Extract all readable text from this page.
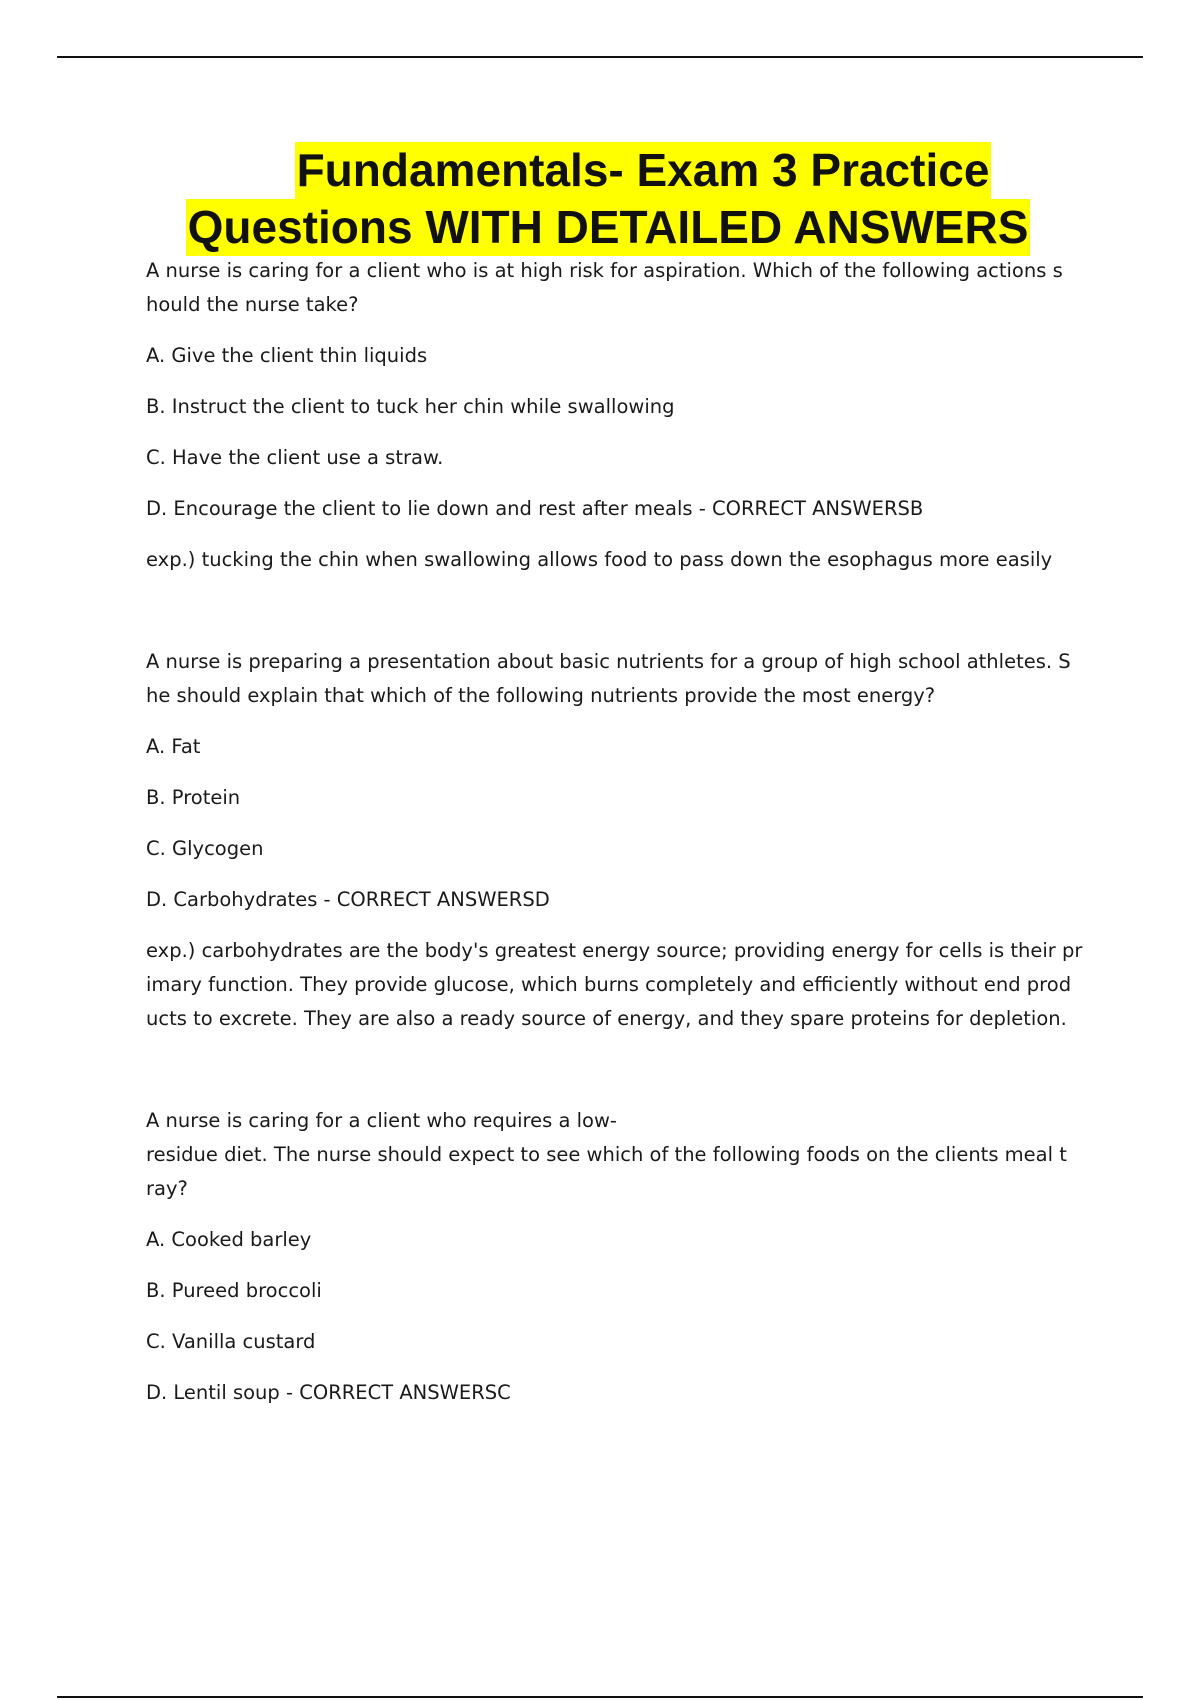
Fundamentals- Exam 3 Practice
Questions WITH DETAILED ANSWERS

A nurse is caring for a client who is at high risk for aspiration. Which of the following actions s
hould the nurse take?

A. Give the client thin liquids

B. Instruct the client to tuck her chin while swallowing

C. Have the client use a straw.

D. Encourage the client to lie down and rest after meals - CORRECT ANSWERSB

exp.) tucking the chin when swallowing allows food to pass down the esophagus more easily

A nurse is preparing a presentation about basic nutrients for a group of high school athletes. S
he should explain that which of the following nutrients provide the most energy?

A. Fat

B. Protein

C. Glycogen

D. Carbohydrates - CORRECT ANSWERSD

exp.) carbohydrates are the body's greatest energy source; providing energy for cells is their pr
imary function. They provide glucose, which burns completely and efficiently without end prod
ucts to excrete. They are also a ready source of energy, and they spare proteins for depletion.

A nurse is caring for a client who requires a low-
residue diet. The nurse should expect to see which of the following foods on the clients meal t
ray?

A. Cooked barley

B. Pureed broccoli

C. Vanilla custard

D. Lentil soup - CORRECT ANSWERSC
